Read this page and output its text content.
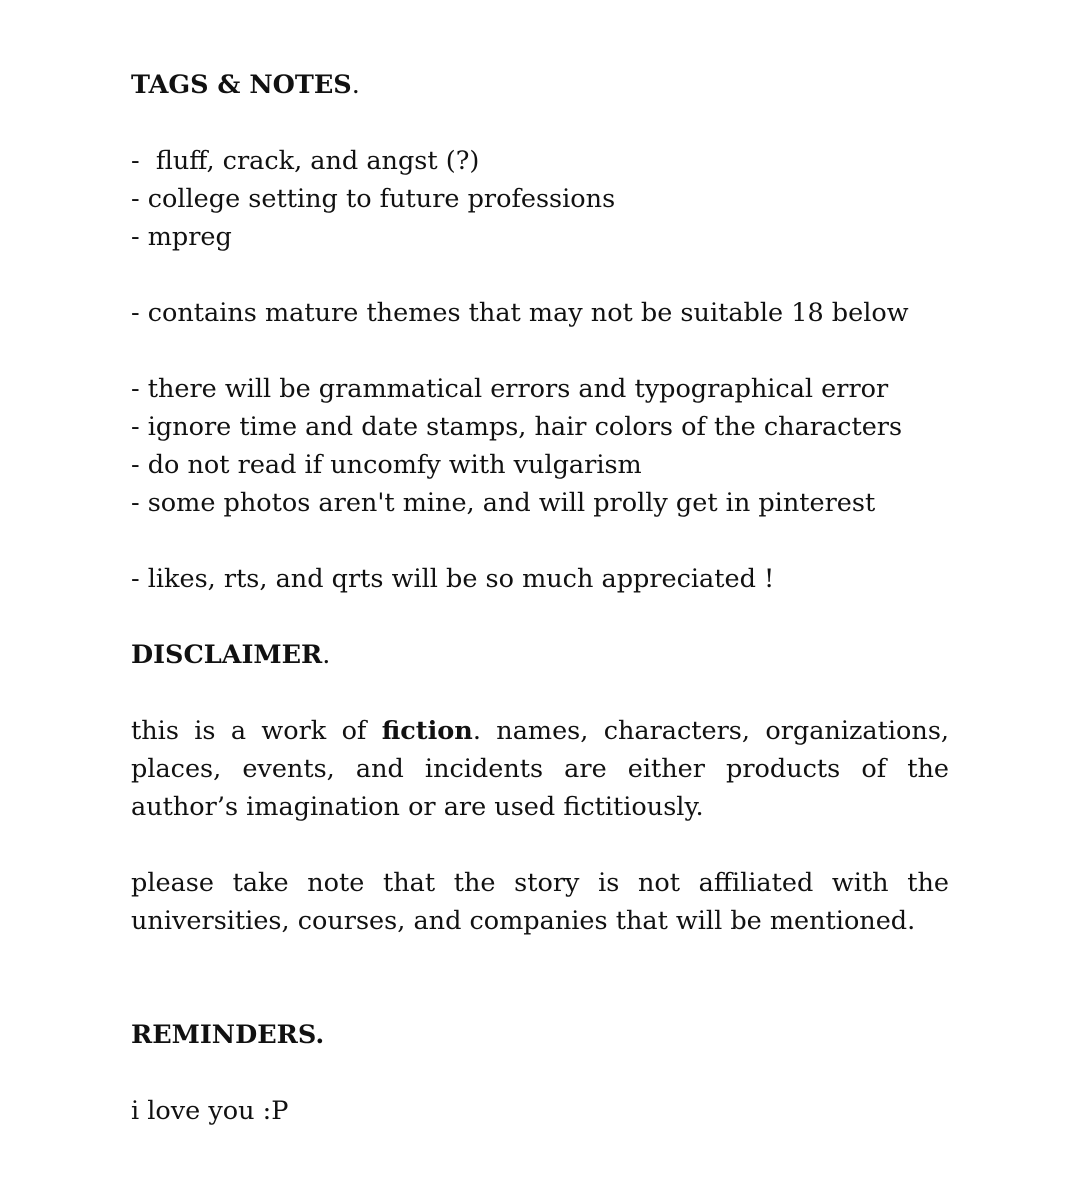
TAGS & NOTES.

-  fluff, crack, and angst (?)

- college setting to future professions

- mpreg

- contains mature themes that may not be suitable 18 below

- there will be grammatical errors and typographical error

- ignore time and date stamps, hair colors of the characters

- do not read if uncomfy with vulgarism

- some photos aren't mine, and will prolly get in pinterest

- likes, rts, and qrts will be so much appreciated !

DISCLAIMER.

this is a work of fiction. names, characters, organizations, places, events, and incidents are either products of the author’s imagination or are used fictitiously.

please take note that the story is not affiliated with the universities, courses, and companies that will be mentioned.

REMINDERS.

i love you :P
